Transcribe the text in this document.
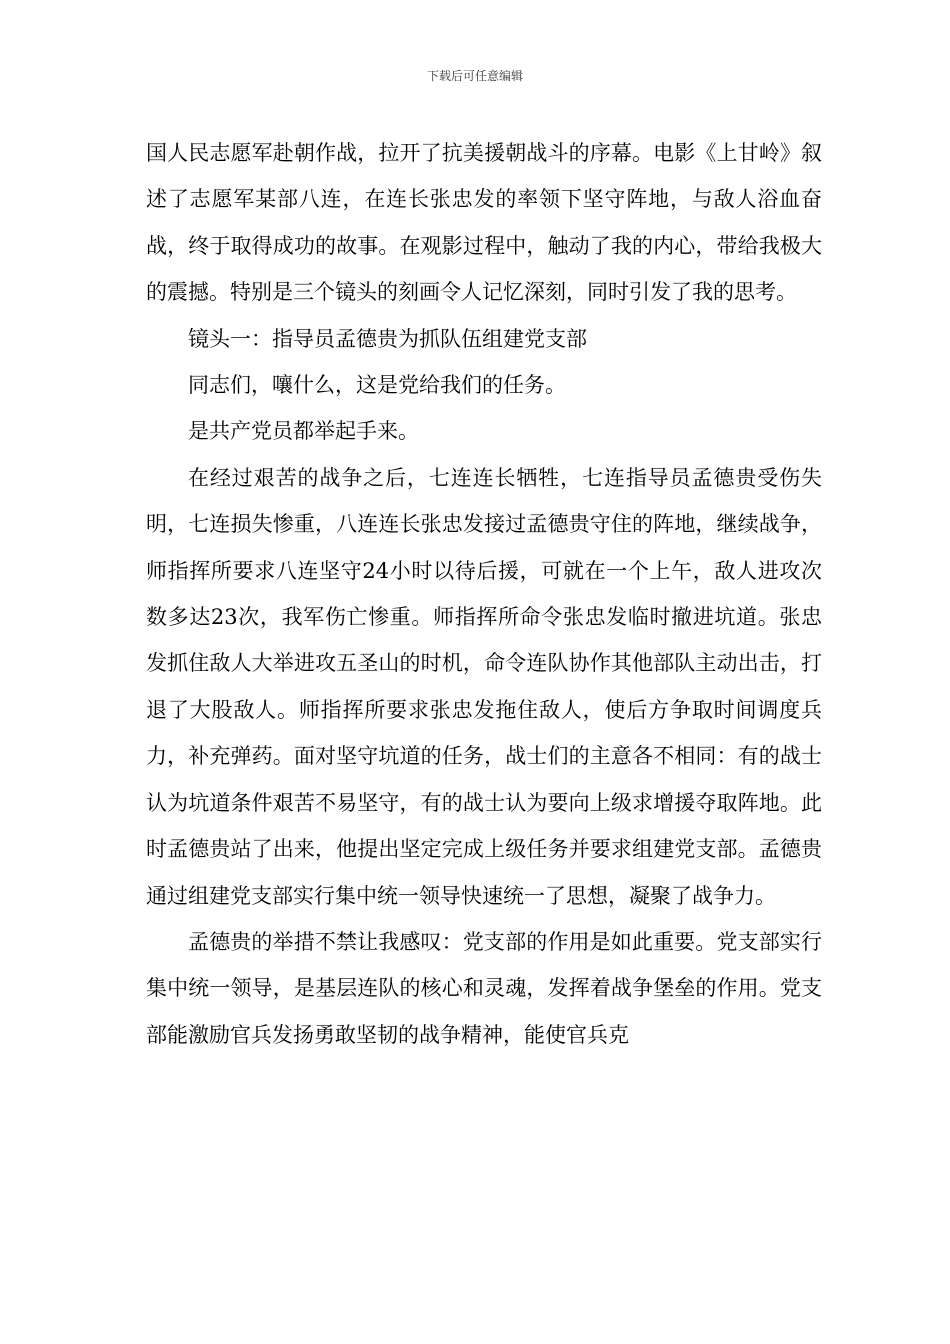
下载后可任意编辑

国人民志愿军赴朝作战，拉开了抗美援朝战斗的序幕。电影《上甘岭》叙述了志愿军某部八连，在连长张忠发的率领下坚守阵地，与敌人浴血奋战，终于取得成功的故事。在观影过程中，触动了我的内心，带给我极大的震撼。特别是三个镜头的刻画令人记忆深刻，同时引发了我的思考。

镜头一：指导员孟德贵为抓队伍组建党支部

同志们，嚷什么，这是党给我们的任务。

是共产党员都举起手来。

在经过艰苦的战争之后，七连连长牺牲，七连指导员孟德贵受伤失明，七连损失惨重，八连连长张忠发接过孟德贵守住的阵地，继续战争，师指挥所要求八连坚守24小时以待后援，可就在一个上午，敌人进攻次数多达23次，我军伤亡惨重。师指挥所命令张忠发临时撤进坑道。张忠发抓住敌人大举进攻五圣山的时机，命令连队协作其他部队主动出击，打退了大股敌人。师指挥所要求张忠发拖住敌人，使后方争取时间调度兵力，补充弹药。面对坚守坑道的任务，战士们的主意各不相同：有的战士认为坑道条件艰苦不易坚守，有的战士认为要向上级求增援夺取阵地。此时孟德贵站了出来，他提出坚定完成上级任务并要求组建党支部。孟德贵通过组建党支部实行集中统一领导快速统一了思想，凝聚了战争力。

孟德贵的举措不禁让我感叹：党支部的作用是如此重要。党支部实行集中统一领导，是基层连队的核心和灵魂，发挥着战争堡垒的作用。党支部能激励官兵发扬勇敢坚韧的战争精神，能使官兵克
